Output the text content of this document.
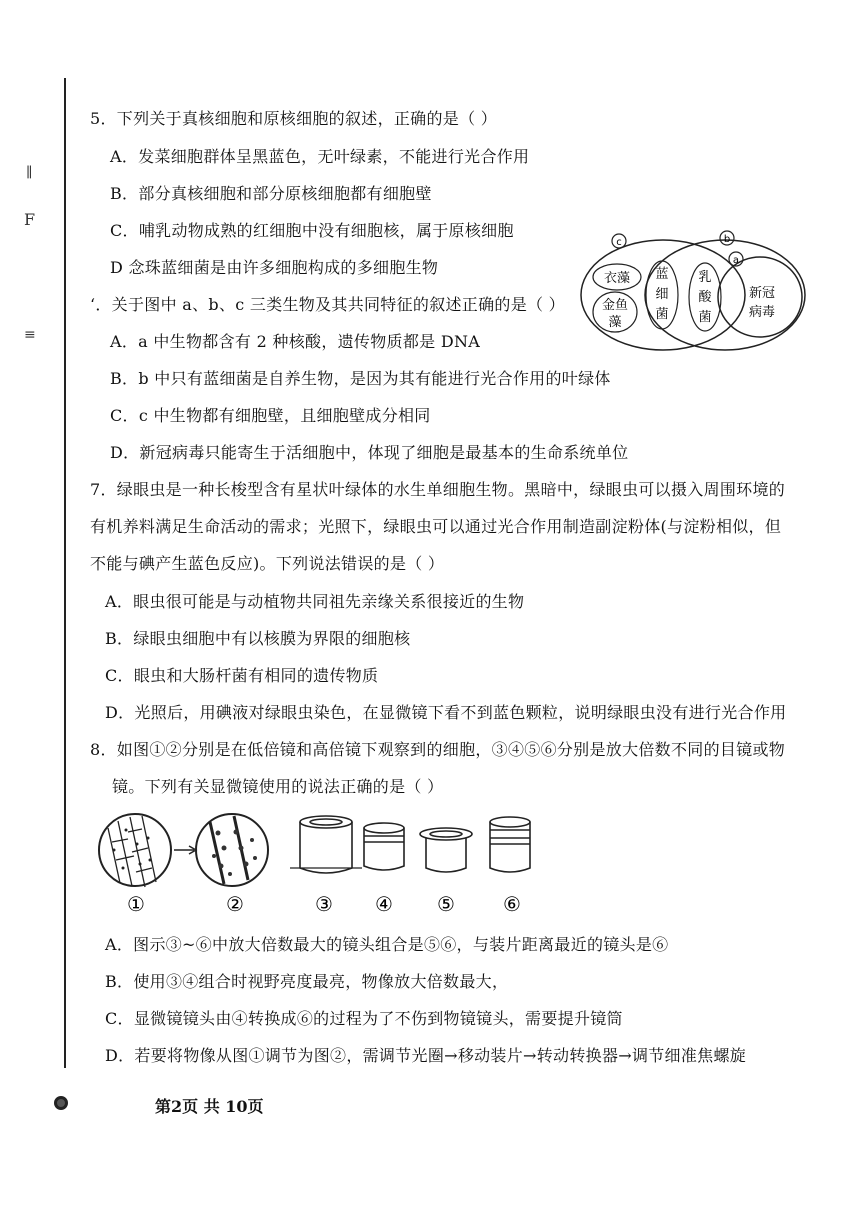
∥
F
≡
5．下列关于真核细胞和原核细胞的叙述，正确的是（ ）
A．发菜细胞群体呈黑蓝色，无叶绿素，不能进行光合作用
B．部分真核细胞和部分原核细胞都有细胞壁
C．哺乳动物成熟的红细胞中没有细胞核，属于原核细胞
D 念珠蓝细菌是由许多细胞构成的多细胞生物
c	b
a
衣藻
金鱼
藻
蓝
细
菌
乳
酸
菌
新冠
病毒
‘．关于图中 a、b、c 三类生物及其共同特征的叙述正确的是（ ）
A．a 中生物都含有 2 种核酸，遗传物质都是 DNA
B．b 中只有蓝细菌是自养生物，是因为其有能进行光合作用的叶绿体
C．c 中生物都有细胞壁，且细胞壁成分相同
D．新冠病毒只能寄生于活细胞中，体现了细胞是最基本的生命系统单位
7．绿眼虫是一种长梭型含有星状叶绿体的水生单细胞生物。黑暗中，绿眼虫可以摄入周围环境的
有机养料满足生命活动的需求；光照下，绿眼虫可以通过光合作用制造副淀粉体(与淀粉相似，但
不能与碘产生蓝色反应)。下列说法错误的是（ ）
A．眼虫很可能是与动植物共同祖先亲缘关系很接近的生物
B．绿眼虫细胞中有以核膜为界限的细胞核
C．眼虫和大肠杆菌有相同的遗传物质
D．光照后，用碘液对绿眼虫染色，在显微镜下看不到蓝色颗粒，说明绿眼虫没有进行光合作用
8．如图①②分别是在低倍镜和高倍镜下观察到的细胞，③④⑤⑥分别是放大倍数不同的目镜或物
镜。下列有关显微镜使用的说法正确的是（ ）
①	②	③ ④ ⑤ ⑥
A．图示③~⑥中放大倍数最大的镜头组合是⑤⑥，与装片距离最近的镜头是⑥
B．使用③④组合时视野亮度最亮，物像放大倍数最大，
C．显微镜镜头由④转换成⑥的过程为了不伤到物镜镜头，需要提升镜筒
D．若要将物像从图①调节为图②，需调节光圈→移动装片→转动转换器→调节细准焦螺旋
第2页 共 10页
